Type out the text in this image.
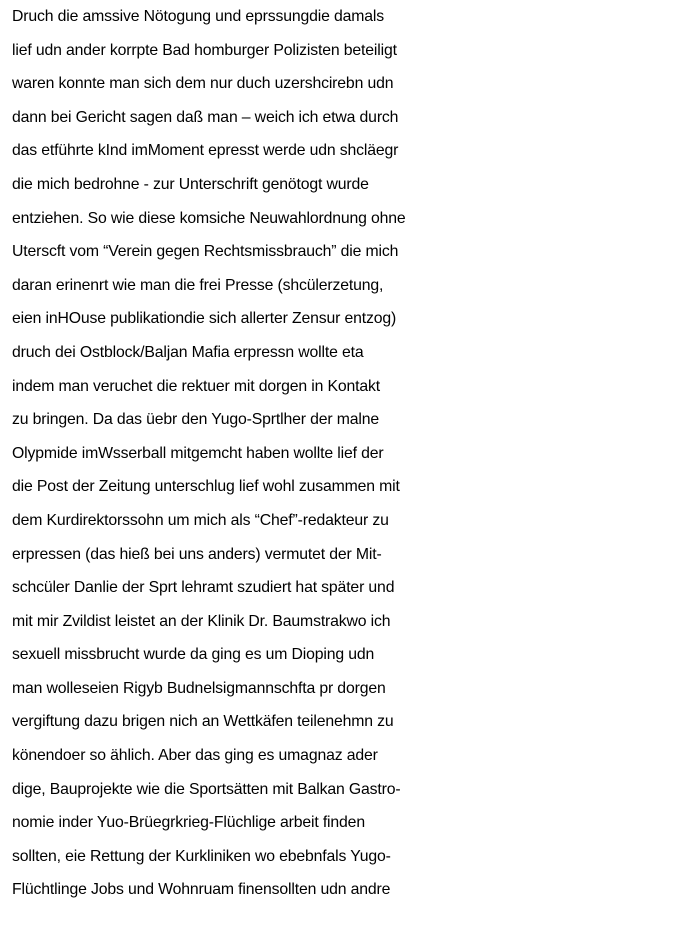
Druch die amssive Nötogung und eprssungdie damals
lief udn ander korrpte Bad homburger Polizisten beteiligt
waren konnte man sich dem nur duch uzershcirebn udn
dann bei Gericht sagen daß man – weich ich etwa durch
das etführte kInd imMoment epresst werde udn shcläegr
die mich bedrohne - zur Unterschrift genötogt wurde
entziehen. So wie diese komsiche Neuwahlordnung ohne
Uterscft vom “Verein gegen Rechtsmissbrauch” die mich
daran erinenrt wie man die frei Presse (shcülerzetung,
eien inHOuse publikationdie sich allerter Zensur entzog)
druch dei Ostblock/Baljan Mafia erpressn wollte eta
indem man veruchet die rektuer mit dorgen in Kontakt
zu bringen. Da das üebr den Yugo-Sprtlher der malne
Olypmide imWsserball mitgemcht haben wollte lief der
die Post der Zeitung unterschlug lief wohl zusammen mit
dem Kurdirektorssohn um mich als “Chef”-redakteur zu
erpressen (das hieß bei uns anders) vermutet der Mit-
schcüler Danlie der Sprt lehramt szudiert hat später und
mit mir Zvildist leistet an der Klinik Dr. Baumstrakwo ich
sexuell missbrucht wurde da ging es um Dioping udn
man wolleseien Rigyb Budnelsigmannschfta pr dorgen
vergiftung dazu brigen nich an Wettkäfen teilenehmn zu
könendoer so ählich. Aber das ging es umagnaz ader
dige, Bauprojekte wie die Sportsätten mit Balkan Gastro-
nomie inder Yuo-Brüegrkrieg-Flüchlige arbeit finden
sollten, eie Rettung der Kurkliniken wo ebebnfals Yugo-
Flüchtlinge Jobs und Wohnruam finensollten udn andre
